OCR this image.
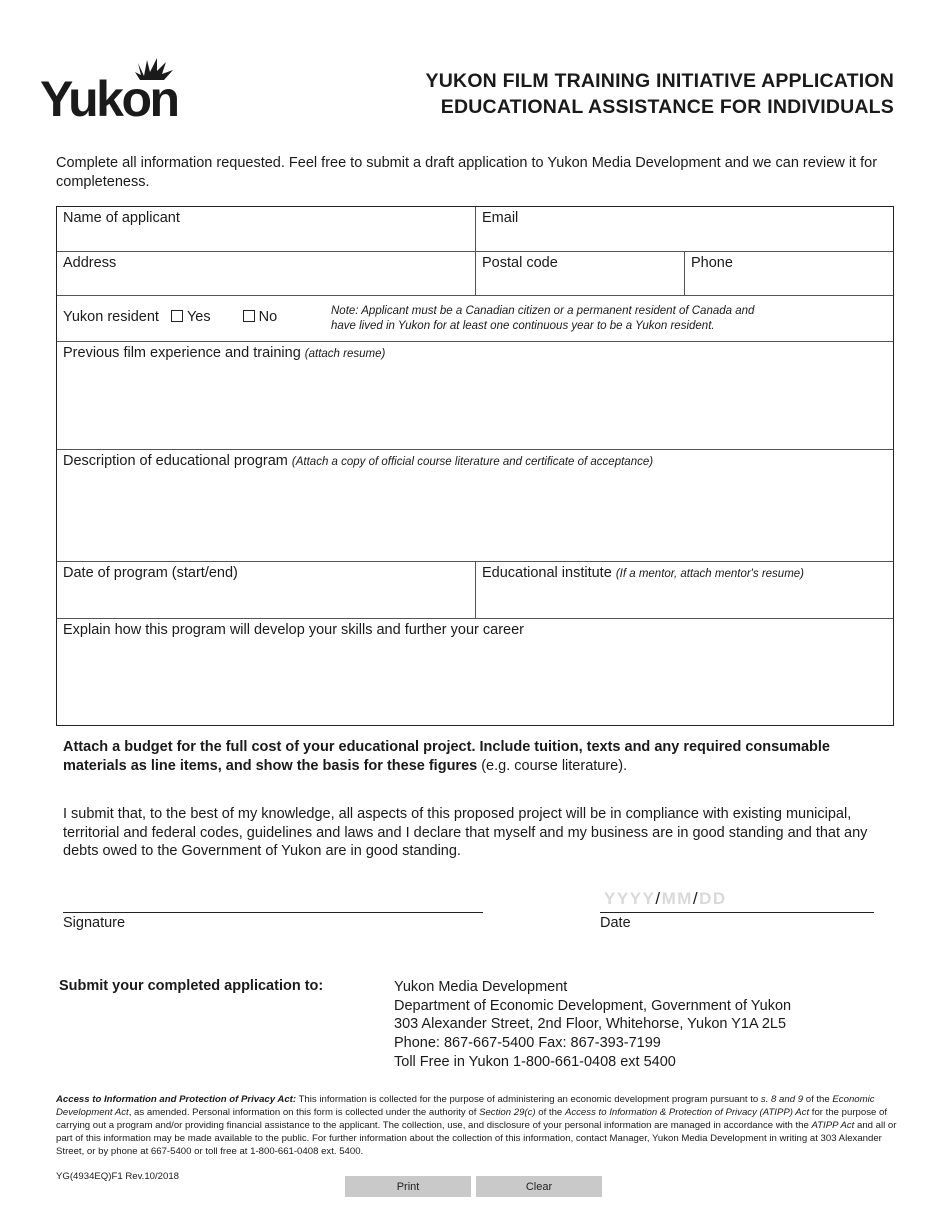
Yukon	YUKON FILM TRAINING INITIATIVE APPLICATION
EDUCATIONAL ASSISTANCE FOR INDIVIDUALS
Complete all information requested. Feel free to submit a draft application to Yukon Media Development and we can review it for completeness.
Name of applicant	Email
Address	Postal code	Phone
Yukon resident Yes	No	Note: Applicant must be a Canadian citizen or a permanent resident of Canada and
have lived in Yukon for at least one continuous year to be a Yukon resident.
Previous film experience and training (attach resume)
Description of educational program (Attach a copy of official course literature and certificate of acceptance)
Date of program (start/end)	Educational institute (If a mentor, attach mentor's resume)
Explain how this program will develop your skills and further your career
Attach a budget for the full cost of your educational project. Include tuition, texts and any required consumable materials as line items, and show the basis for these figures (e.g. course literature).
I submit that, to the best of my knowledge, all aspects of this proposed project will be in compliance with existing municipal, territorial and federal codes, guidelines and laws and I declare that myself and my business are in good standing and that any debts owed to the Government of Yukon are in good standing.
Signature
YYYY/MM/DD
Date
Submit your completed application to:	Yukon Media Development
Department of Economic Development, Government of Yukon
303 Alexander Street, 2nd Floor, Whitehorse, Yukon Y1A 2L5
Phone: 867-667-5400 Fax: 867-393-7199
Toll Free in Yukon 1-800-661-0408 ext 5400
Access to Information and Protection of Privacy Act: This information is collected for the purpose of administering an economic development program pursuant to s. 8 and 9 of the Economic Development Act, as amended. Personal information on this form is collected under the authority of Section 29(c) of the Access to Information & Protection of Privacy (ATIPP) Act for the purpose of carrying out a program and/or providing financial assistance to the applicant. The collection, use, and disclosure of your personal information are managed in accordance with the ATIPP Act and all or part of this information may be made available to the public. For further information about the collection of this information, contact Manager, Yukon Media Development in writing at 303 Alexander Street, or by phone at 667-5400 or toll free at 1-800-661-0408 ext. 5400.
YG(4934EQ)F1 Rev.10/2018
Print	Clear
